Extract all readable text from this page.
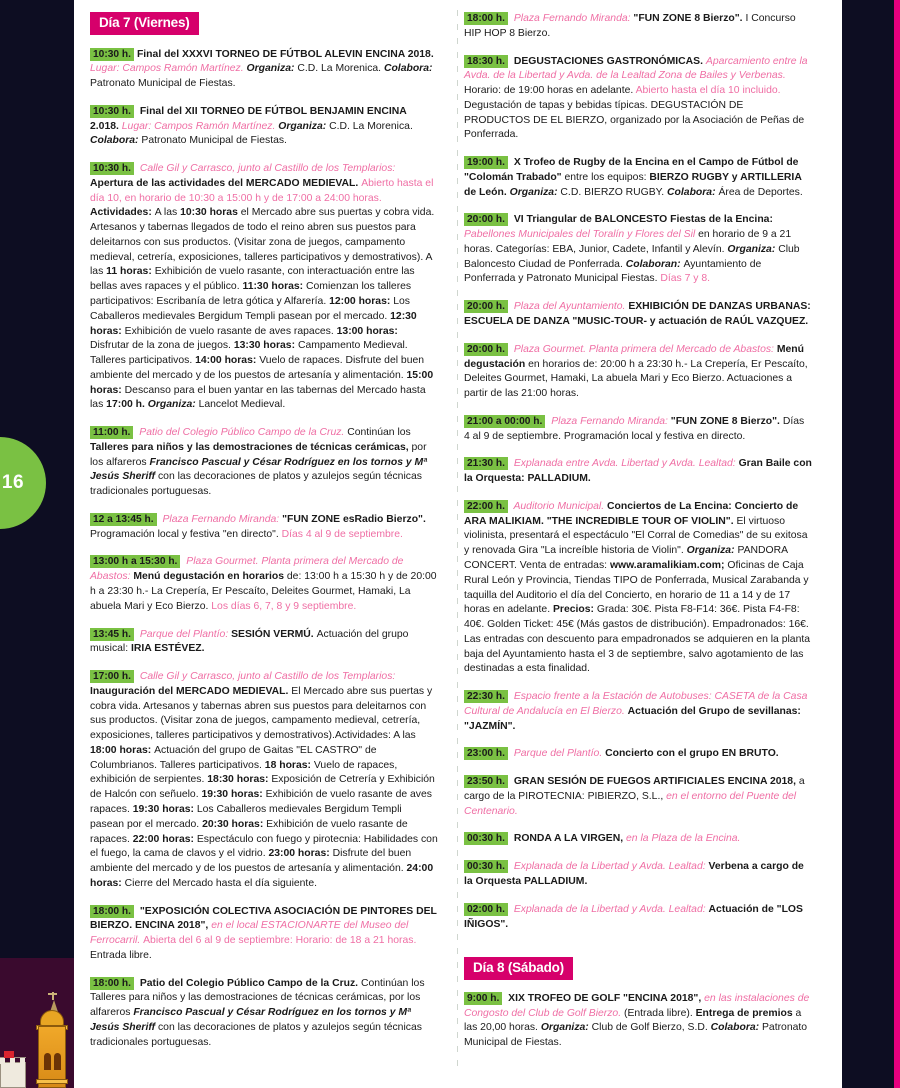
16
Día 7 (Viernes)

10:30 h. Final del XXXVI TORNEO DE FÚTBOL ALEVIN ENCINA 2018. Lugar: Campos Ramón Martínez. Organiza: C.D. La Morenica. Colabora: Patronato Municipal de Fiestas.

10:30 h. Final del XII TORNEO DE FÚTBOL BENJAMIN ENCINA 2.018. Lugar: Campos Ramón Martínez. Organiza: C.D. La Morenica. Colabora: Patronato Municipal de Fiestas.

10:30 h. Calle Gil y Carrasco, junto al Castillo de los Templarios: Apertura de las actividades del MERCADO MEDIEVAL. Abierto hasta el día 10, en horario de 10:30 a 15:00 h y de 17:00 a 24:00 horas. Actividades: A las 10:30 horas el Mercado abre sus puertas y cobra vida. Artesanos y tabernas llegados de todo el reino abren sus puestos para deleitarnos con sus productos. (Visitar zona de juegos, campamento medieval, cetrería, exposiciones, talleres participativos y demostrativos). A las 11 horas: Exhibición de vuelo rasante, con interactuación entre las bellas aves rapaces y el público. 11:30 horas: Comienzan los talleres participativos: Escribanía de letra gótica y Alfarería. 12:00 horas: Los Caballeros medievales Bergidum Templi pasean por el mercado. 12:30 horas: Exhibición de vuelo rasante de aves rapaces. 13:00 horas: Disfrutar de la zona de juegos. 13:30 horas: Campamento Medieval. Talleres participativos. 14:00 horas: Vuelo de rapaces. Disfrute del buen ambiente del mercado y de los puestos de artesanía y alimentación. 15:00 horas: Descanso para el buen yantar en las tabernas del Mercado hasta las 17:00 h. Organiza: Lancelot Medieval.

11:00 h. Patio del Colegio Público Campo de la Cruz. Continúan los Talleres para niños y las demostraciones de técnicas cerámicas, por los alfareros Francisco Pascual y César Rodríguez en los tornos y Mª Jesús Sheriff con las decoraciones de platos y azulejos según técnicas tradicionales portuguesas.

12 a 13:45 h. Plaza Fernando Miranda: "FUN ZONE esRadio Bierzo". Programación local y festiva "en directo". Días 4 al 9 de septiembre.

13:00 h a 15:30 h. Plaza Gourmet. Planta primera del Mercado de Abastos: Menú degustación en horarios de: 13:00 h a 15:30 h y de 20:00 h a 23:30 h.- La Crepería, Er Pescaíto, Deleites Gourmet, Hamaki, La abuela Mari y Eco Bierzo. Los días 6, 7, 8 y 9 septiembre.

13:45 h. Parque del Plantío: SESIÓN VERMÚ. Actuación del grupo musical: IRIA ESTÉVEZ.

17:00 h. Calle Gil y Carrasco, junto al Castillo de los Templarios: Inauguración del MERCADO MEDIEVAL. El Mercado abre sus puertas y cobra vida. Artesanos y tabernas abren sus puestos para deleitarnos con sus productos. (Visitar zona de juegos, campamento medieval, cetrería, exposiciones, talleres participativos y demostrativos).Actividades: A las 18:00 horas: Actuación del grupo de Gaitas "EL CASTRO" de Columbrianos. Talleres participativos. 18 horas: Vuelo de rapaces, exhibición de serpientes. 18:30 horas: Exposición de Cetrería y Exhibición de Halcón con señuelo. 19:30 horas: Exhibición de vuelo rasante de aves rapaces. 19:30 horas: Los Caballeros medievales Bergidum Templi pasean por el mercado. 20:30 horas: Exhibición de vuelo rasante de rapaces. 22:00 horas: Espectáculo con fuego y pirotecnia: Habilidades con el fuego, la cama de clavos y el vidrio. 23:00 horas: Disfrute del buen ambiente del mercado y de los puestos de artesanía y alimentación. 24:00 horas: Cierre del Mercado hasta el día siguiente.

18:00 h. "EXPOSICIÓN COLECTIVA ASOCIACIÓN DE PINTORES DEL BIERZO. ENCINA 2018", en el local ESTACIONARTE del Museo del Ferrocarril. Abierta del 6 al 9 de septiembre: Horario: de 18 a 21 horas. Entrada libre.

18:00 h. Patio del Colegio Público Campo de la Cruz. Continúan los Talleres para niños y las demostraciones de técnicas cerámicas, por los alfareros Francisco Pascual y César Rodríguez en los tornos y Mª Jesús Sheriff con las decoraciones de platos y azulejos según técnicas tradicionales portuguesas.

18:00 h. Plaza Fernando Miranda: "FUN ZONE 8 Bierzo". I Concurso HIP HOP 8 Bierzo.

18:30 h. DEGUSTACIONES GASTRONÓMICAS. Aparcamiento entre la Avda. de la Libertad y Avda. de la Lealtad Zona de Bailes y Verbenas. Horario: de 19:00 horas en adelante. Abierto hasta el día 10 incluido. Degustación de tapas y bebidas típicas. DEGUSTACIÓN DE PRODUCTOS DE EL BIERZO, organizado por la Asociación de Peñas de Ponferrada.

19:00 h. X Trofeo de Rugby de la Encina en el Campo de Fútbol de "Colomán Trabado" entre los equipos: BIERZO RUGBY y ARTILLERIA de León. Organiza: C.D. BIERZO RUGBY. Colabora: Área de Deportes.

20:00 h. VI Triangular de BALONCESTO Fiestas de la Encina: Pabellones Municipales del Toralín y Flores del Sil en horario de 9 a 21 horas. Categorías: EBA, Junior, Cadete, Infantil y Alevín. Organiza: Club Baloncesto Ciudad de Ponferrada. Colaboran: Ayuntamiento de Ponferrada y Patronato Municipal Fiestas. Días 7 y 8.

20:00 h. Plaza del Ayuntamiento. EXHIBICIÓN DE DANZAS URBANAS: ESCUELA DE DANZA "MUSIC-TOUR- y actuación de RAÚL VAZQUEZ.

20:00 h. Plaza Gourmet. Planta primera del Mercado de Abastos: Menú degustación en horarios de: 20:00 h a 23:30 h.- La Crepería, Er Pescaíto, Deleites Gourmet, Hamaki, La abuela Mari y Eco Bierzo. Actuaciones a partir de las 21:00 horas.

21:00 a 00:00 h. Plaza Fernando Miranda: "FUN ZONE 8 Bierzo". Días 4 al 9 de septiembre. Programación local y festiva en directo.

21:30 h. Explanada entre Avda. Libertad y Avda. Lealtad: Gran Baile con la Orquesta: PALLADIUM.

22:00 h. Auditorio Municipal. Conciertos de La Encina: Concierto de ARA MALIKIAM. "THE INCREDIBLE TOUR OF VIOLIN". El virtuoso violinista, presentará el espectáculo "El Corral de Comedias" de su exitosa y renovada Gira "La increíble historia de Violin". Organiza: PANDORA CONCERT. Venta de entradas: www.aramalikiam.com; Oficinas de Caja Rural León y Provincia, Tiendas TIPO de Ponferrada, Musical Zarabanda y taquilla del Auditorio el día del Concierto, en horario de 11 a 14 y de 17 horas en adelante. Precios: Grada: 30€. Pista F8-F14: 36€. Pista F4-F8: 40€. Golden Ticket: 45€ (Más gastos de distribución). Empadronados: 16€. Las entradas con descuento para empadronados se adquieren en la planta baja del Ayuntamiento hasta el 3 de septiembre, salvo agotamiento de las destinadas a esta finalidad.

22:30 h. Espacio frente a la Estación de Autobuses: CASETA de la Casa Cultural de Andalucía en El Bierzo. Actuación del Grupo de sevillanas: "JAZMÍN".

23:00 h. Parque del Plantío. Concierto con el grupo EN BRUTO.

23:50 h. GRAN SESIÓN DE FUEGOS ARTIFICIALES ENCINA 2018, a cargo de la PIROTECNIA: PIBIERZO, S.L., en el entorno del Puente del Centenario.

00:30 h. RONDA A LA VIRGEN, en la Plaza de la Encina.

00:30 h. Explanada de la Libertad y Avda. Lealtad: Verbena a cargo de la Orquesta PALLADIUM.

02:00 h. Explanada de la Libertad y Avda. Lealtad: Actuación de "LOS IÑIGOS".

Día 8 (Sábado)

9:00 h. XIX TROFEO DE GOLF "ENCINA 2018", en las instalaciones de Congosto del Club de Golf Bierzo. (Entrada libre). Entrega de premios a las 20,00 horas. Organiza: Club de Golf Bierzo, S.D. Colabora: Patronato Municipal de Fiestas.
